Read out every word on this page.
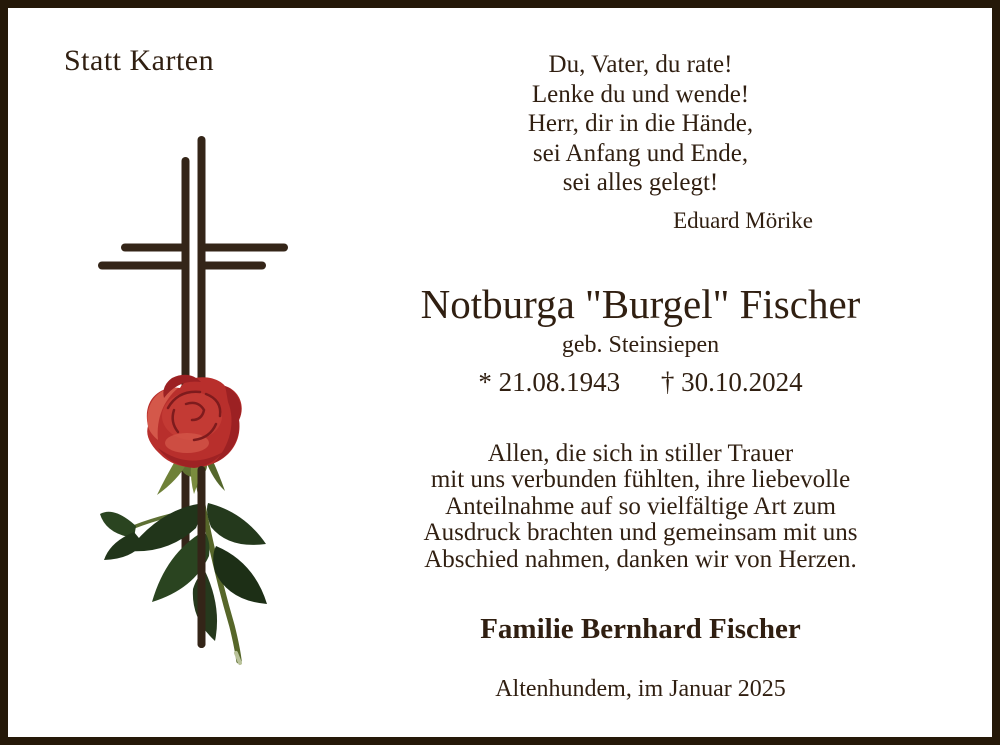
Statt Karten	Du, Vater, du rate!
Lenke du und wende!
Herr, dir in die Hände,
sei Anfang und Ende,
sei alles gelegt!
Eduard Mörike
Notburga "Burgel" Fischer
geb. Steinsiepen
* 21.08.1943 † 30.10.2024
Allen, die sich in stiller Trauer
mit uns verbunden fühlten, ihre liebevolle
Anteilnahme auf so vielfältige Art zum
Ausdruck brachten und gemeinsam mit uns
Abschied nahmen, danken wir von Herzen.
Familie Bernhard Fischer
Altenhundem, im Januar 2025
